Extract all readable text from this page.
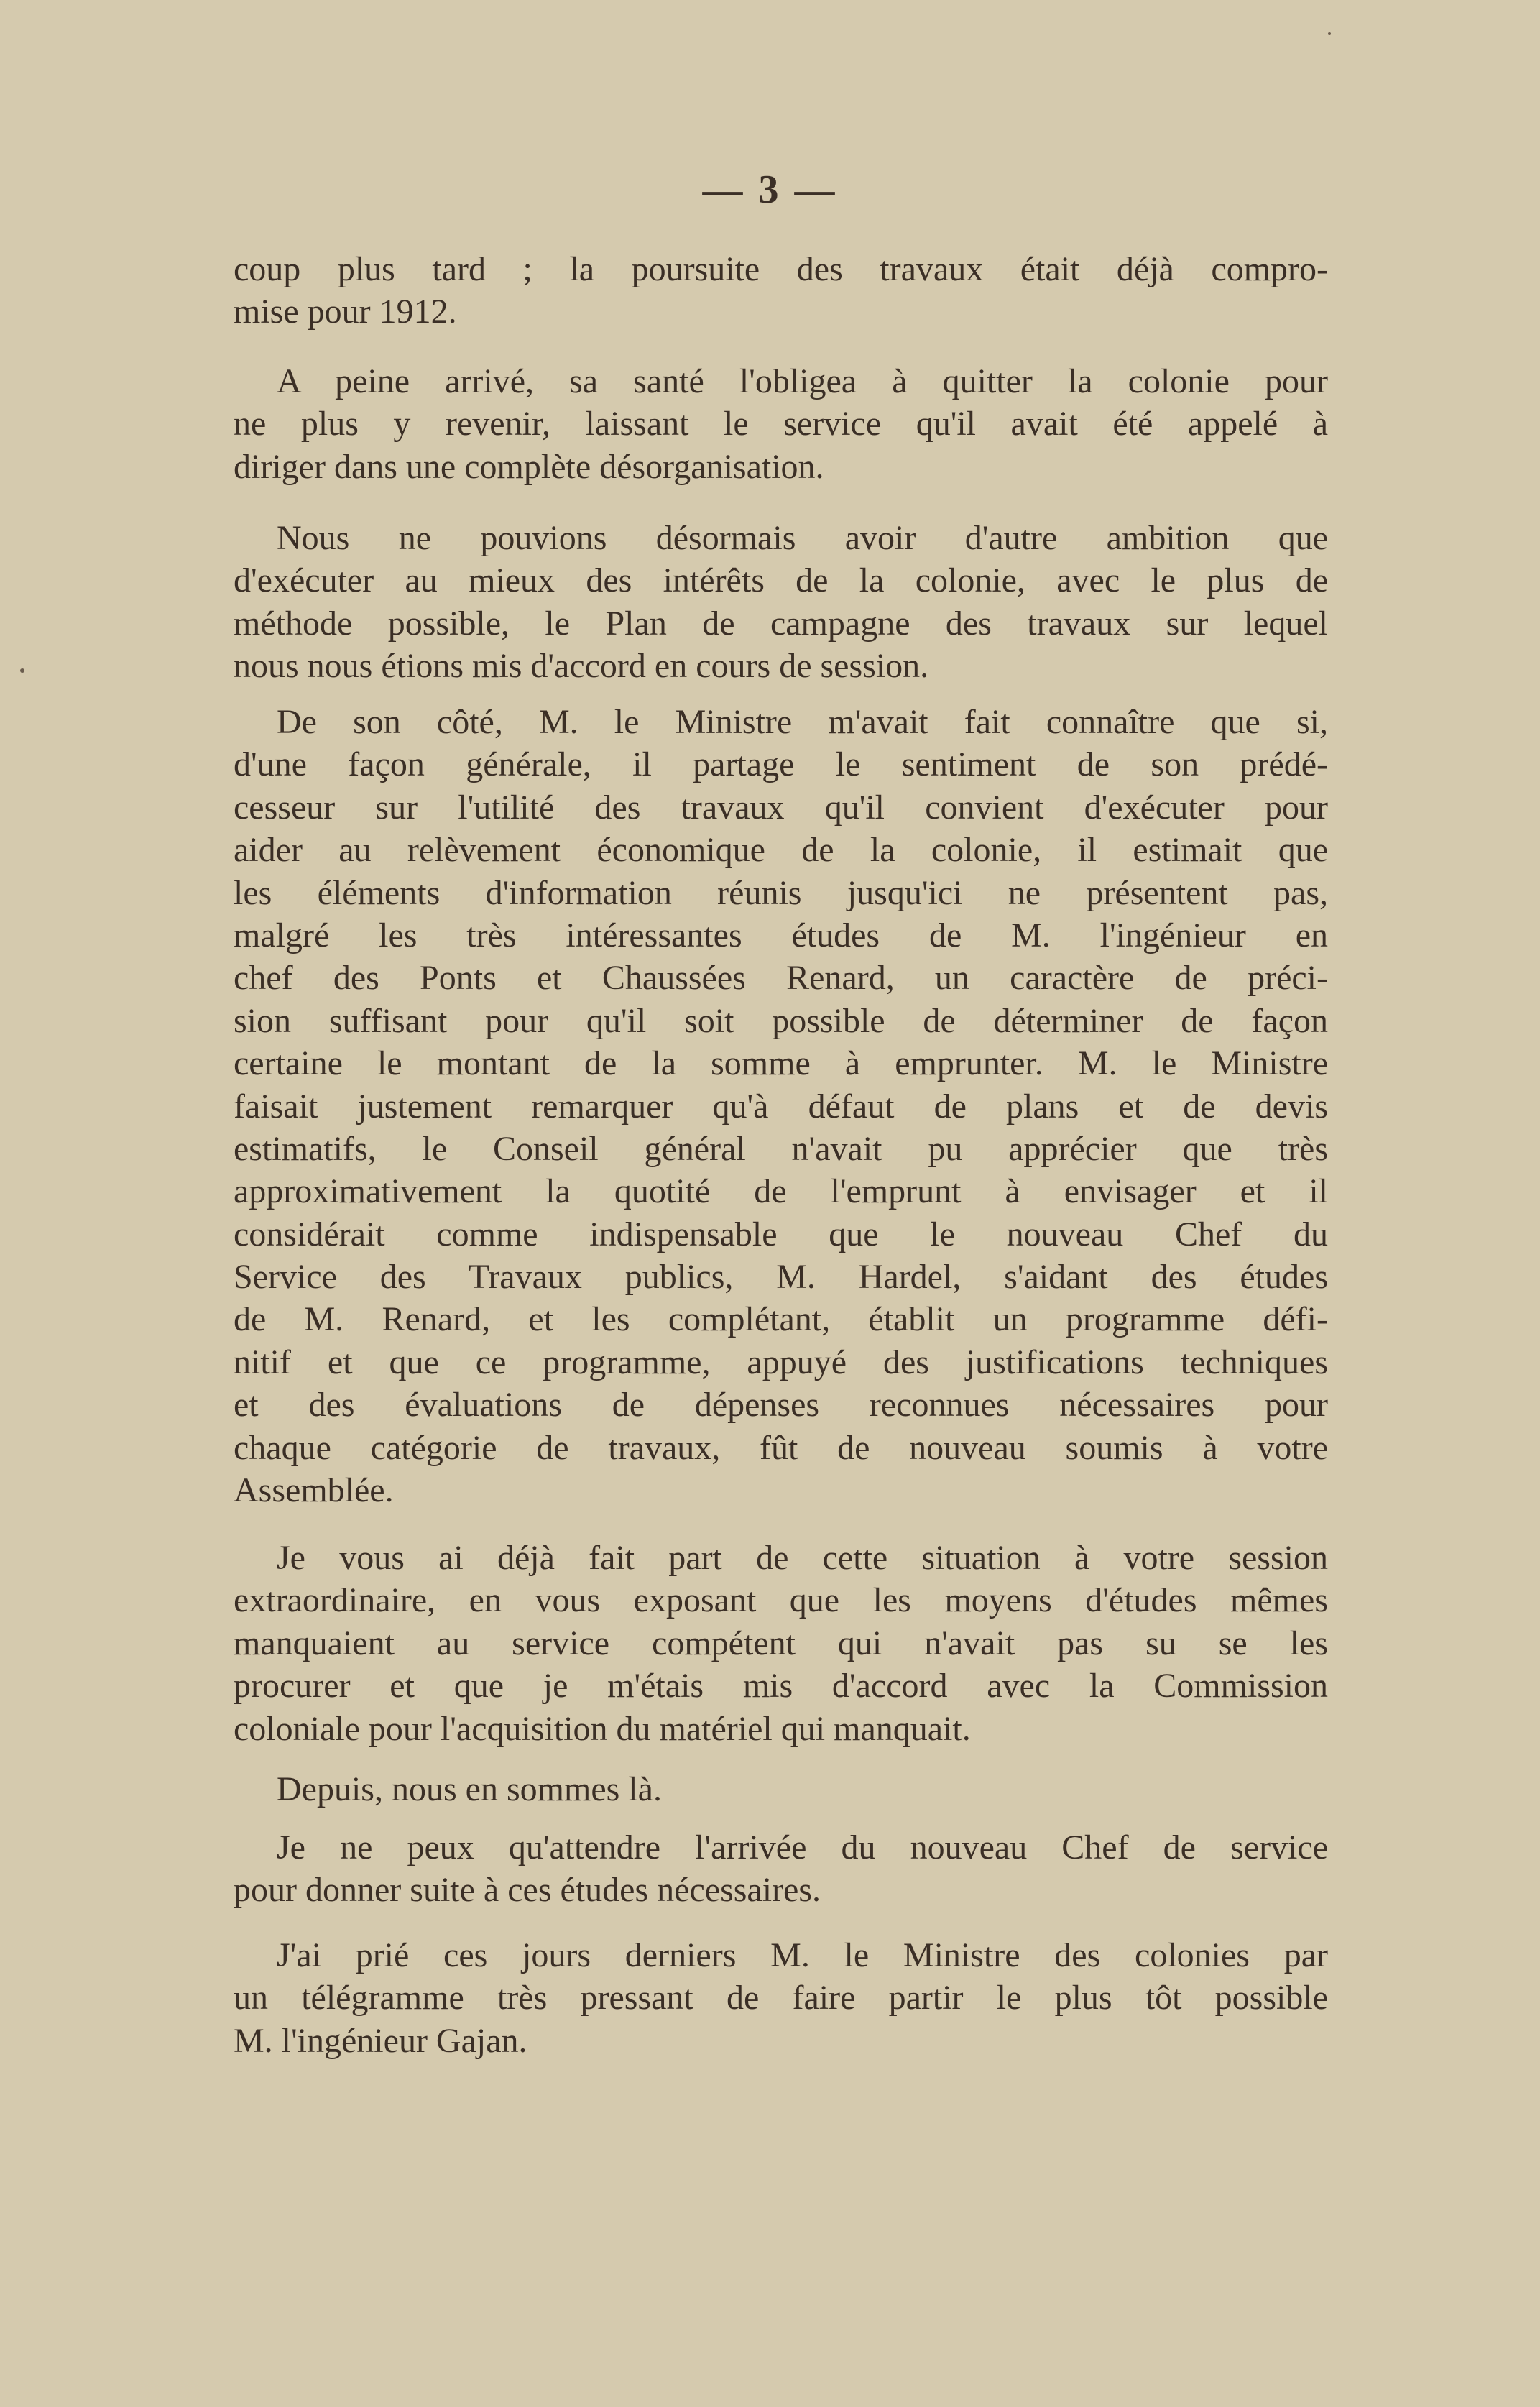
— 3 —
coup plus tard ; la poursuite des travaux était déjà compro-
mise pour 1912.
A peine arrivé, sa santé l'obligea à quitter la colonie pour
ne plus y revenir, laissant le service qu'il avait été appelé à
diriger dans une complète désorganisation.
Nous ne pouvions désormais avoir d'autre ambition que
d'exécuter au mieux des intérêts de la colonie, avec le plus de
méthode possible, le Plan de campagne des travaux sur lequel
nous nous étions mis d'accord en cours de session.
De son côté, M. le Ministre m'avait fait connaître que si,
d'une façon générale, il partage le sentiment de son prédé-
cesseur sur l'utilité des travaux qu'il convient d'exécuter pour
aider au relèvement économique de la colonie, il estimait que
les éléments d'information réunis jusqu'ici ne présentent pas,
malgré les très intéressantes études de M. l'ingénieur en
chef des Ponts et Chaussées Renard, un caractère de préci-
sion suffisant pour qu'il soit possible de déterminer de façon
certaine le montant de la somme à emprunter. M. le Ministre
faisait justement remarquer qu'à défaut de plans et de devis
estimatifs, le Conseil général n'avait pu apprécier que très
approximativement la quotité de l'emprunt à envisager et il
considérait comme indispensable que le nouveau Chef du
Service des Travaux publics, M. Hardel, s'aidant des études
de M. Renard, et les complétant, établit un programme défi-
nitif et que ce programme, appuyé des justifications techniques
et des évaluations de dépenses reconnues nécessaires pour
chaque catégorie de travaux, fût de nouveau soumis à votre
Assemblée.
Je vous ai déjà fait part de cette situation à votre session
extraordinaire, en vous exposant que les moyens d'études mêmes
manquaient au service compétent qui n'avait pas su se les
procurer et que je m'étais mis d'accord avec la Commission
coloniale pour l'acquisition du matériel qui manquait.
Depuis, nous en sommes là.
Je ne peux qu'attendre l'arrivée du nouveau Chef de service
pour donner suite à ces études nécessaires.
J'ai prié ces jours derniers M. le Ministre des colonies par
un télégramme très pressant de faire partir le plus tôt possible
M. l'ingénieur Gajan.
